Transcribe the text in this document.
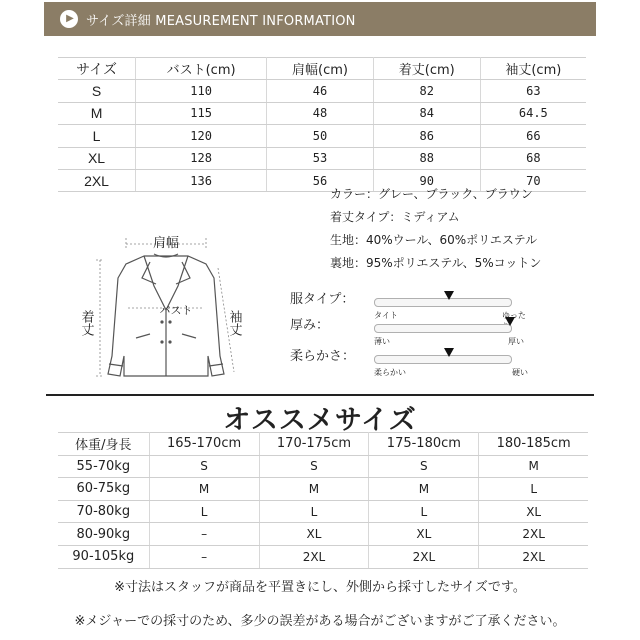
▶ サイズ詳細 MEASUREMENT INFORMATION
サイズ	バスト(cm)	肩幅(cm)	着丈(cm)	袖丈(cm)
S	110	46	82	63
M	115	48	84	64.5
L	120	50	86	66
XL	128	53	88	68
2XL	136	56	90	70
カラー：グレー、ブラック、ブラウン
着丈タイプ：ミディアム
生地：40%ウール、60%ポリエステル
裏地：95%ポリエステル、5%コットン
肩幅
バスト
着丈	袖丈
服タイプ：
タイト	ゆった
厚み：
薄い	厚い
柔らかさ：
柔らかい	硬い
オススメサイズ
体重/身長	165-170cm	170-175cm	175-180cm	180-185cm
55-70kg	S	S	S	M
60-75kg	M	M	M	L
70-80kg	L	L	L	XL
80-90kg	–	XL	XL	2XL
90-105kg	–	2XL	2XL	2XL
※寸法はスタッフが商品を平置きにし、外側から採寸したサイズです。
※メジャーでの採寸のため、多少の誤差がある場合がございますがご了承ください。
